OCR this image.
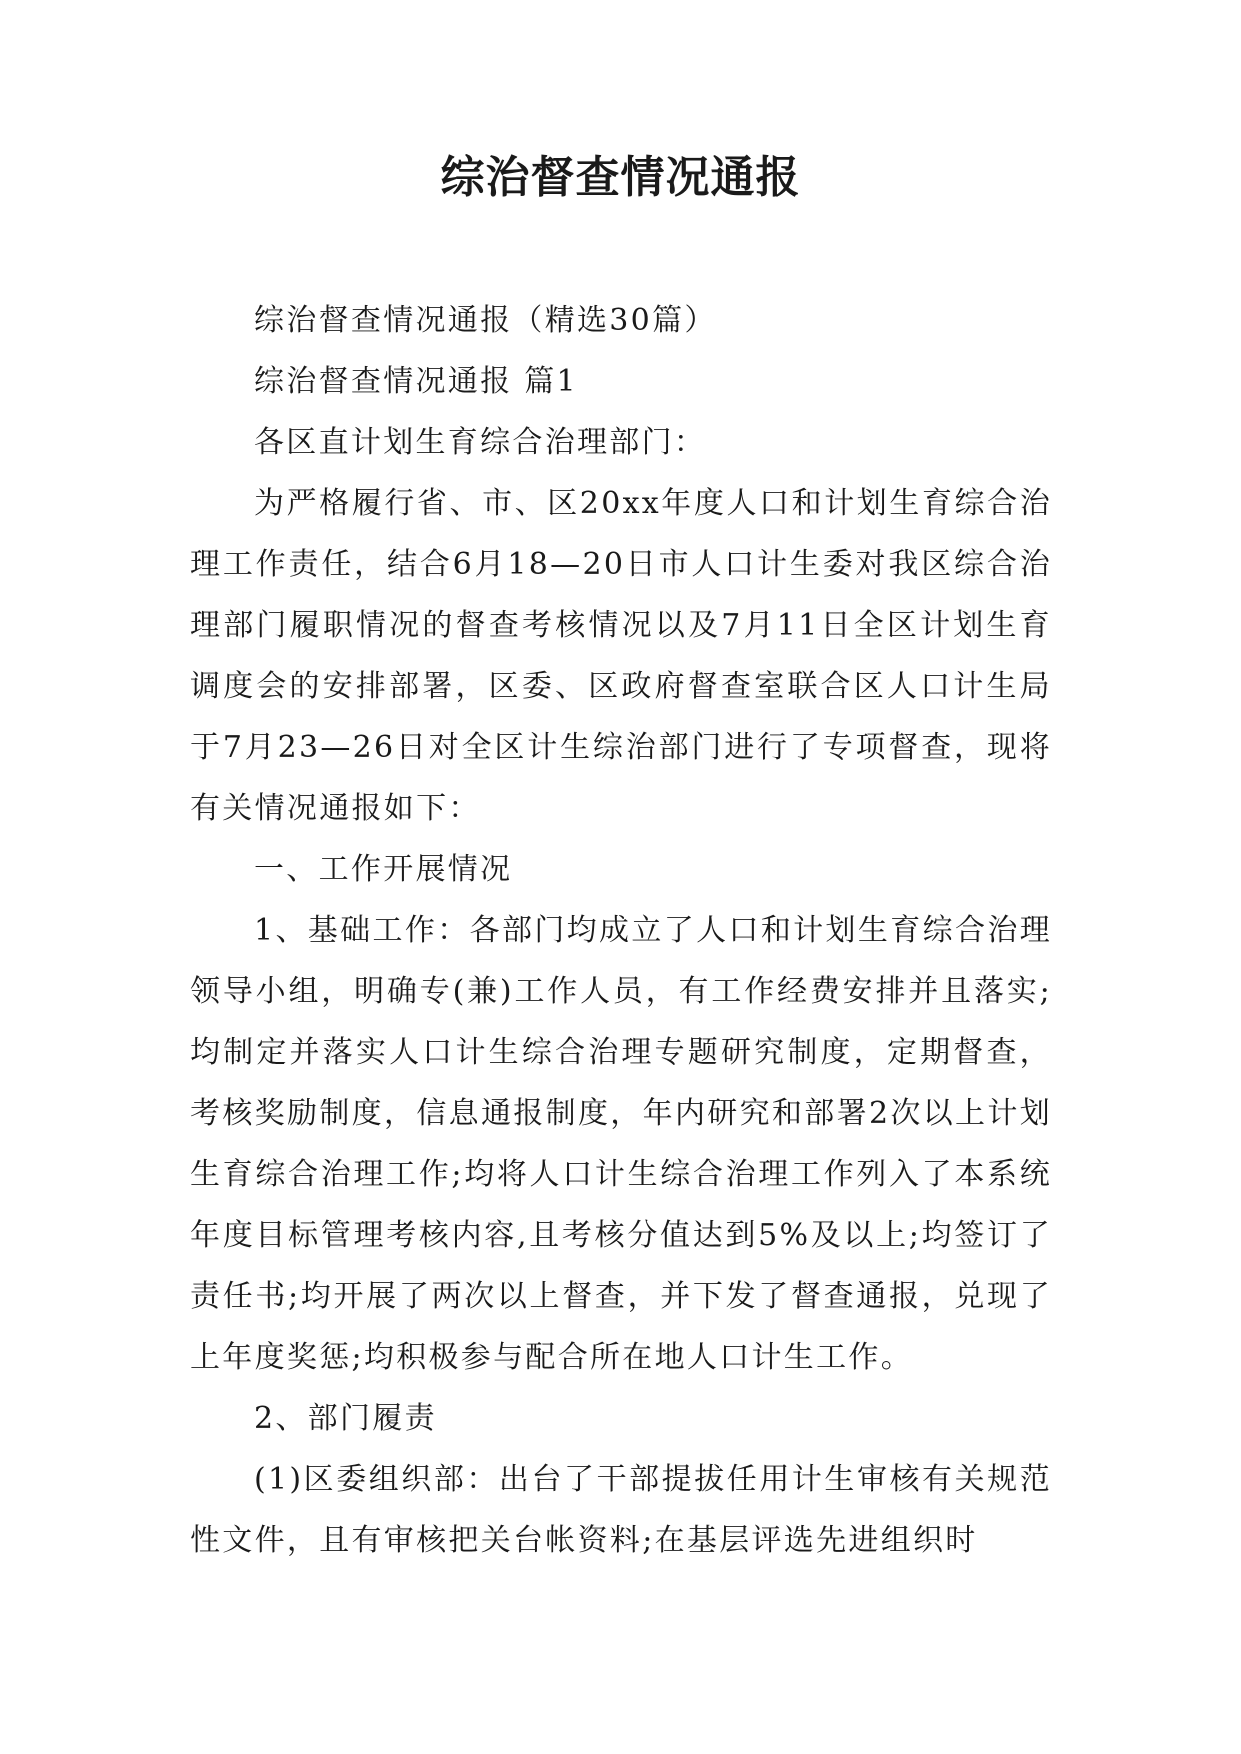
综治督查情况通报

综治督查情况通报（精选30篇）

综治督查情况通报 篇1

各区直计划生育综合治理部门：

为严格履行省、市、区20xx年度人口和计划生育综合治理工作责任，结合6月18—20日市人口计生委对我区综合治理部门履职情况的督查考核情况以及7月11日全区计划生育调度会的安排部署，区委、区政府督查室联合区人口计生局于7月23—26日对全区计生综治部门进行了专项督查，现将有关情况通报如下：

一、工作开展情况

1、基础工作：各部门均成立了人口和计划生育综合治理领导小组，明确专(兼)工作人员，有工作经费安排并且落实;均制定并落实人口计生综合治理专题研究制度，定期督查，考核奖励制度，信息通报制度，年内研究和部署2次以上计划生育综合治理工作;均将人口计生综合治理工作列入了本系统年度目标管理考核内容,且考核分值达到5%及以上;均签订了责任书;均开展了两次以上督查，并下发了督查通报，兑现了上年度奖惩;均积极参与配合所在地人口计生工作。

2、部门履责

(1)区委组织部：出台了干部提拔任用计生审核有关规范性文件，且有审核把关台帐资料;在基层评选先进组织时
